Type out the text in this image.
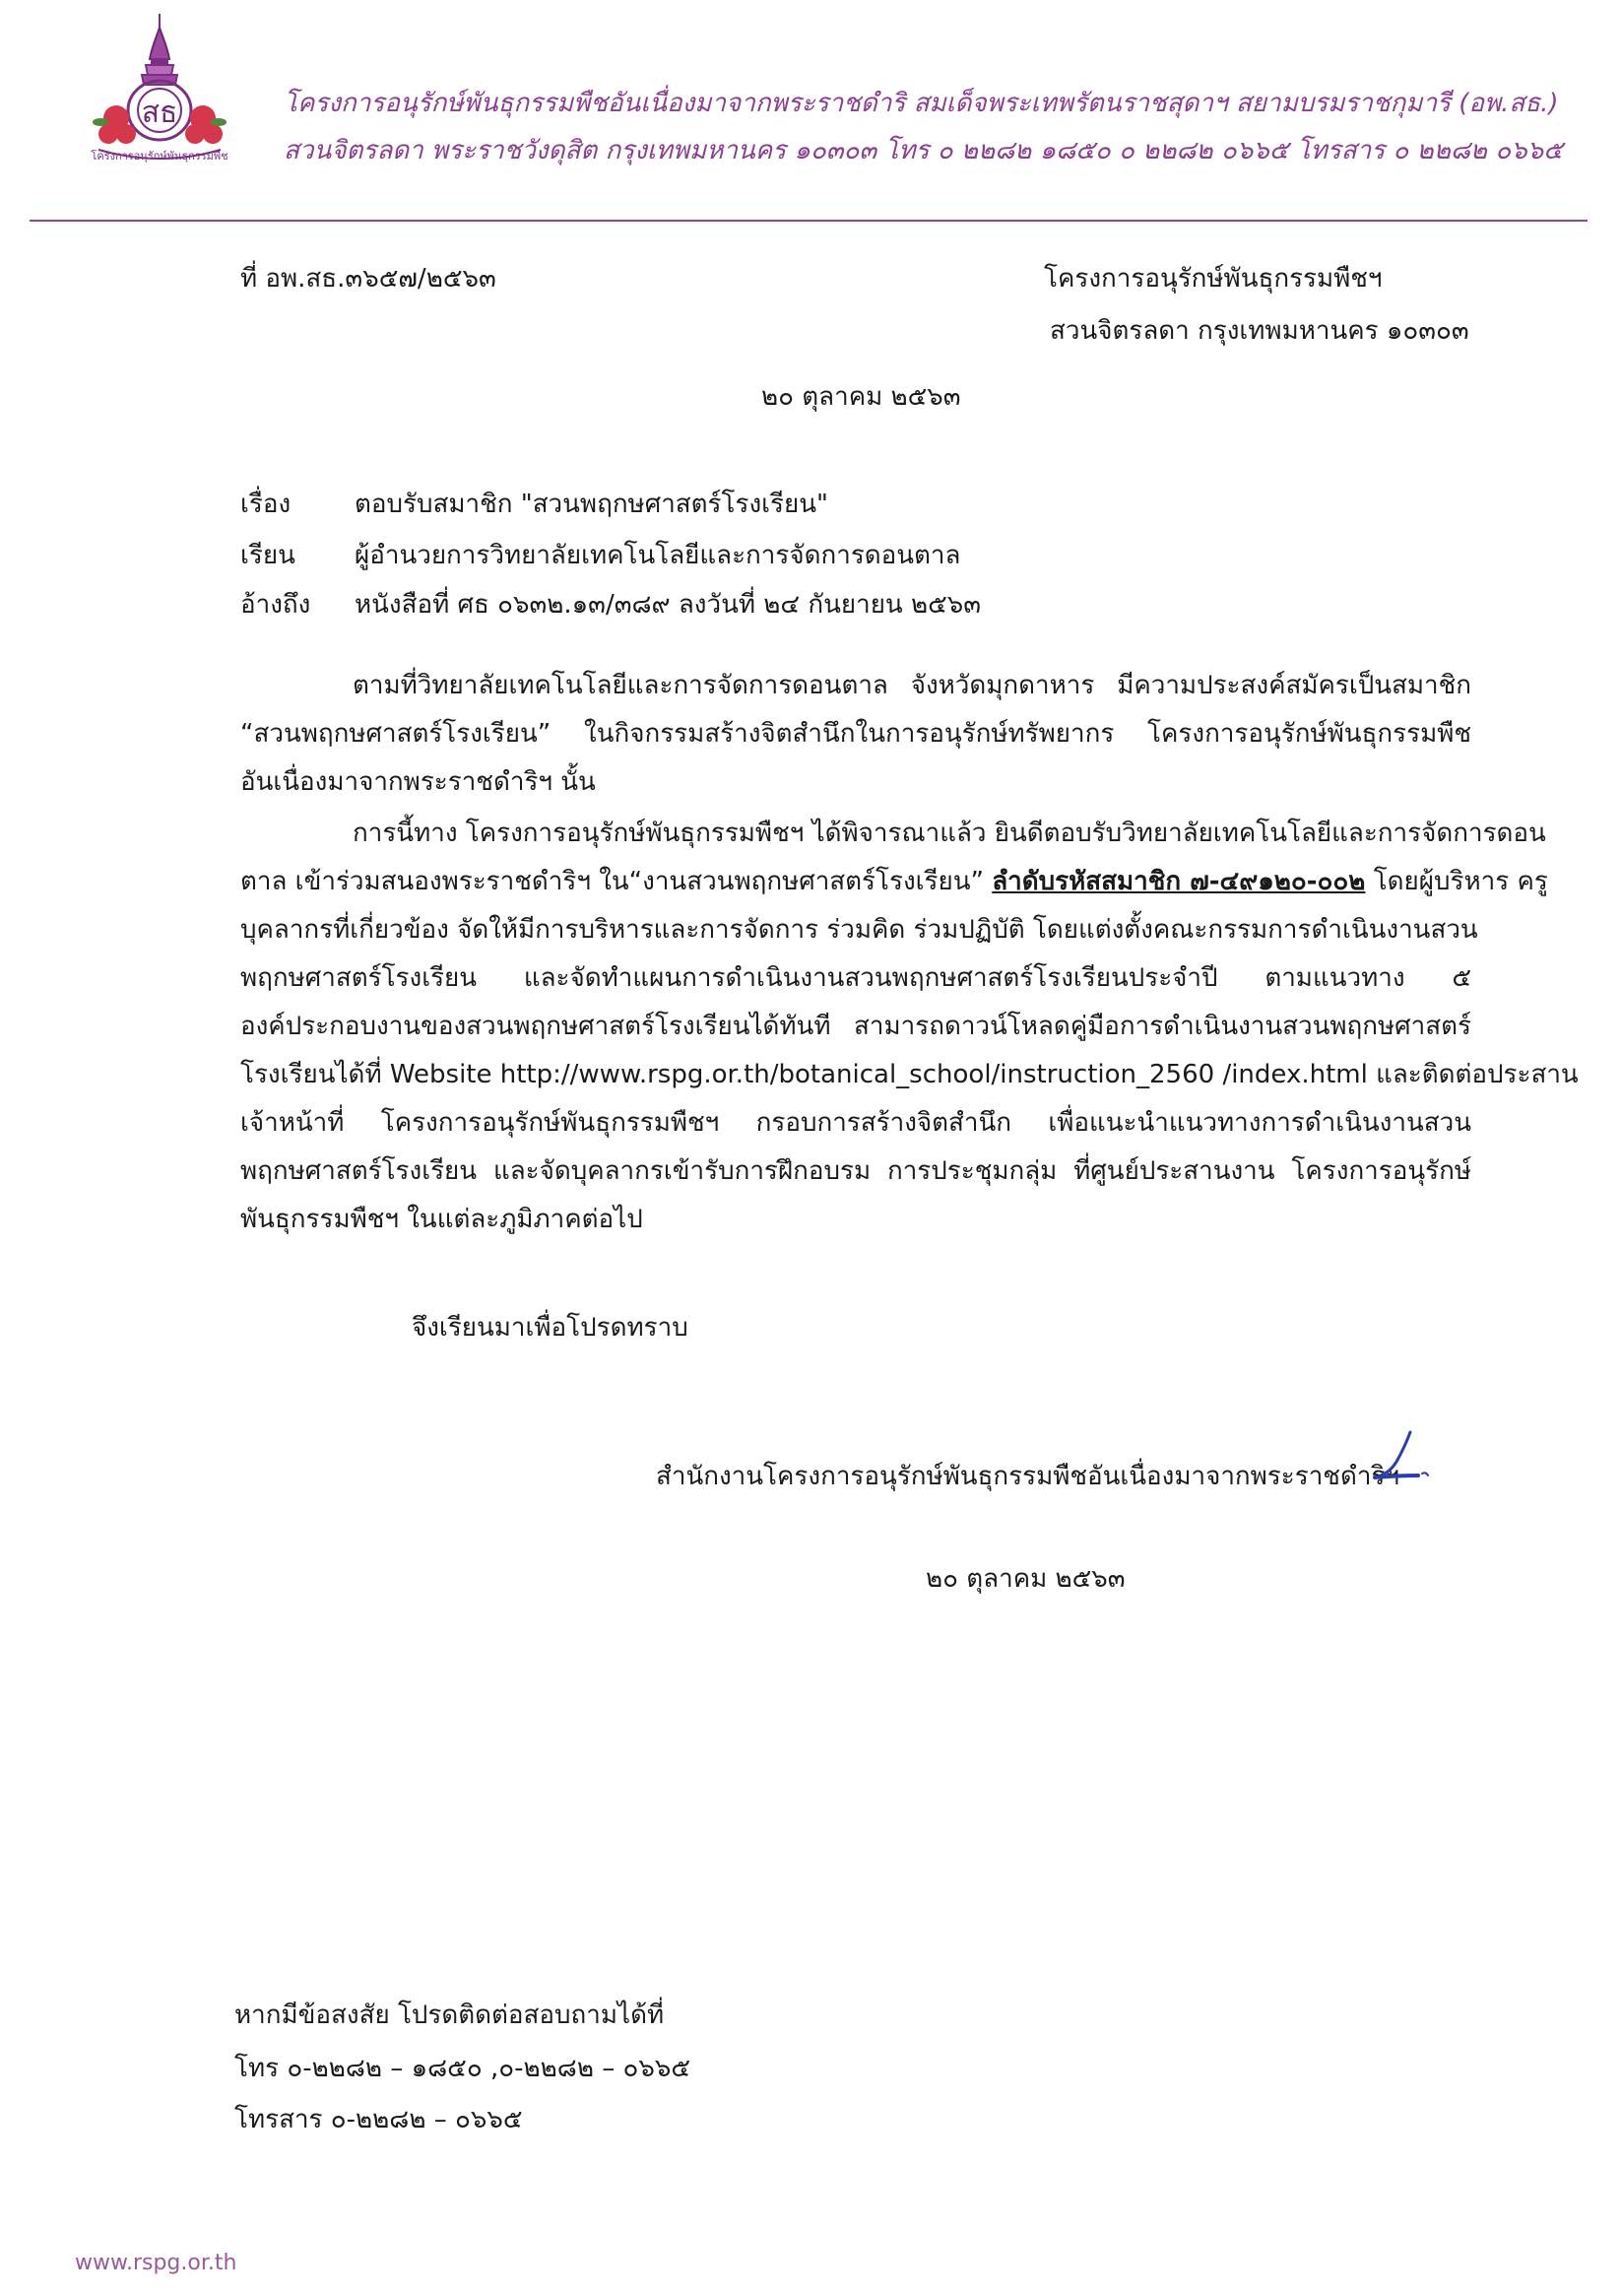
สธ
โครงการอนุรักษ์พันธุกรรมพืช
โครงการอนุรักษ์พันธุกรรมพืชอันเนื่องมาจากพระราชดำริ สมเด็จพระเทพรัตนราชสุดาฯ สยามบรมราชกุมารี (อพ.สธ.)
สวนจิตรลดา พระราชวังดุสิต กรุงเทพมหานคร ๑๐๓๐๓ โทร ๐ ๒๒๘๒ ๑๘๕๐ ๐ ๒๒๘๒ ๐๖๖๕ โทรสาร ๐ ๒๒๘๒ ๐๖๖๕
ที่ อพ.สธ.๓๖๕๗/๒๕๖๓	โครงการอนุรักษ์พันธุกรรมพืชฯ
สวนจิตรลดา กรุงเทพมหานคร ๑๐๓๐๓
๒๐ ตุลาคม ๒๕๖๓
เรื่อง ตอบรับสมาชิก "สวนพฤกษศาสตร์โรงเรียน"
เรียน ผู้อำนวยการวิทยาลัยเทคโนโลยีและการจัดการดอนตาล
อ้างถึง หนังสือที่ ศธ ๐๖๓๒.๑๓/๓๘๙ ลงวันที่ ๒๔ กันยายน ๒๕๖๓
ตามที่วิทยาลัยเทคโนโลยีและการจัดการดอนตาล จังหวัดมุกดาหาร มีความประสงค์สมัครเป็นสมาชิก
“สวนพฤกษศาสตร์โรงเรียน” ในกิจกรรมสร้างจิตสำนึกในการอนุรักษ์ทรัพยากร โครงการอนุรักษ์พันธุกรรมพืช
อันเนื่องมาจากพระราชดำริฯ นั้น
การนี้ทาง โครงการอนุรักษ์พันธุกรรมพืชฯ ได้พิจารณาแล้ว ยินดีตอบรับวิทยาลัยเทคโนโลยีและการจัดการดอน
ตาล เข้าร่วมสนองพระราชดำริฯ ใน“งานสวนพฤกษศาสตร์โรงเรียน” ลำดับรหัสสมาชิก ๗-๔๙๑๒๐-๐๐๒ โดยผู้บริหาร ครู
บุคลากรที่เกี่ยวข้อง จัดให้มีการบริหารและการจัดการ ร่วมคิด ร่วมปฏิบัติ โดยแต่งตั้งคณะกรรมการดำเนินงานสวน
พฤกษศาสตร์โรงเรียน และจัดทำแผนการดำเนินงานสวนพฤกษศาสตร์โรงเรียนประจำปี ตามแนวทาง ๕
องค์ประกอบงานของสวนพฤกษศาสตร์โรงเรียนได้ทันที สามารถดาวน์โหลดคู่มือการดำเนินงานสวนพฤกษศาสตร์
โรงเรียนได้ที่ Website http://www.rspg.or.th/botanical_school/instruction_2560 /index.html และติดต่อประสาน
เจ้าหน้าที่ โครงการอนุรักษ์พันธุกรรมพืชฯ กรอบการสร้างจิตสำนึก เพื่อแนะนำแนวทางการดำเนินงานสวน
พฤกษศาสตร์โรงเรียน และจัดบุคลากรเข้ารับการฝึกอบรม การประชุมกลุ่ม ที่ศูนย์ประสานงาน โครงการอนุรักษ์
พันธุกรรมพืชฯ ในแต่ละภูมิภาคต่อไป
จึงเรียนมาเพื่อโปรดทราบ
สำนักงานโครงการอนุรักษ์พันธุกรรมพืชอันเนื่องมาจากพระราชดำริฯ
๒๐ ตุลาคม ๒๕๖๓
หากมีข้อสงสัย โปรดติดต่อสอบถามได้ที่
โทร ๐-๒๒๘๒ – ๑๘๕๐ ,๐-๒๒๘๒ – ๐๖๖๕
โทรสาร ๐-๒๒๘๒ – ๐๖๖๕
www.rspg.or.th
